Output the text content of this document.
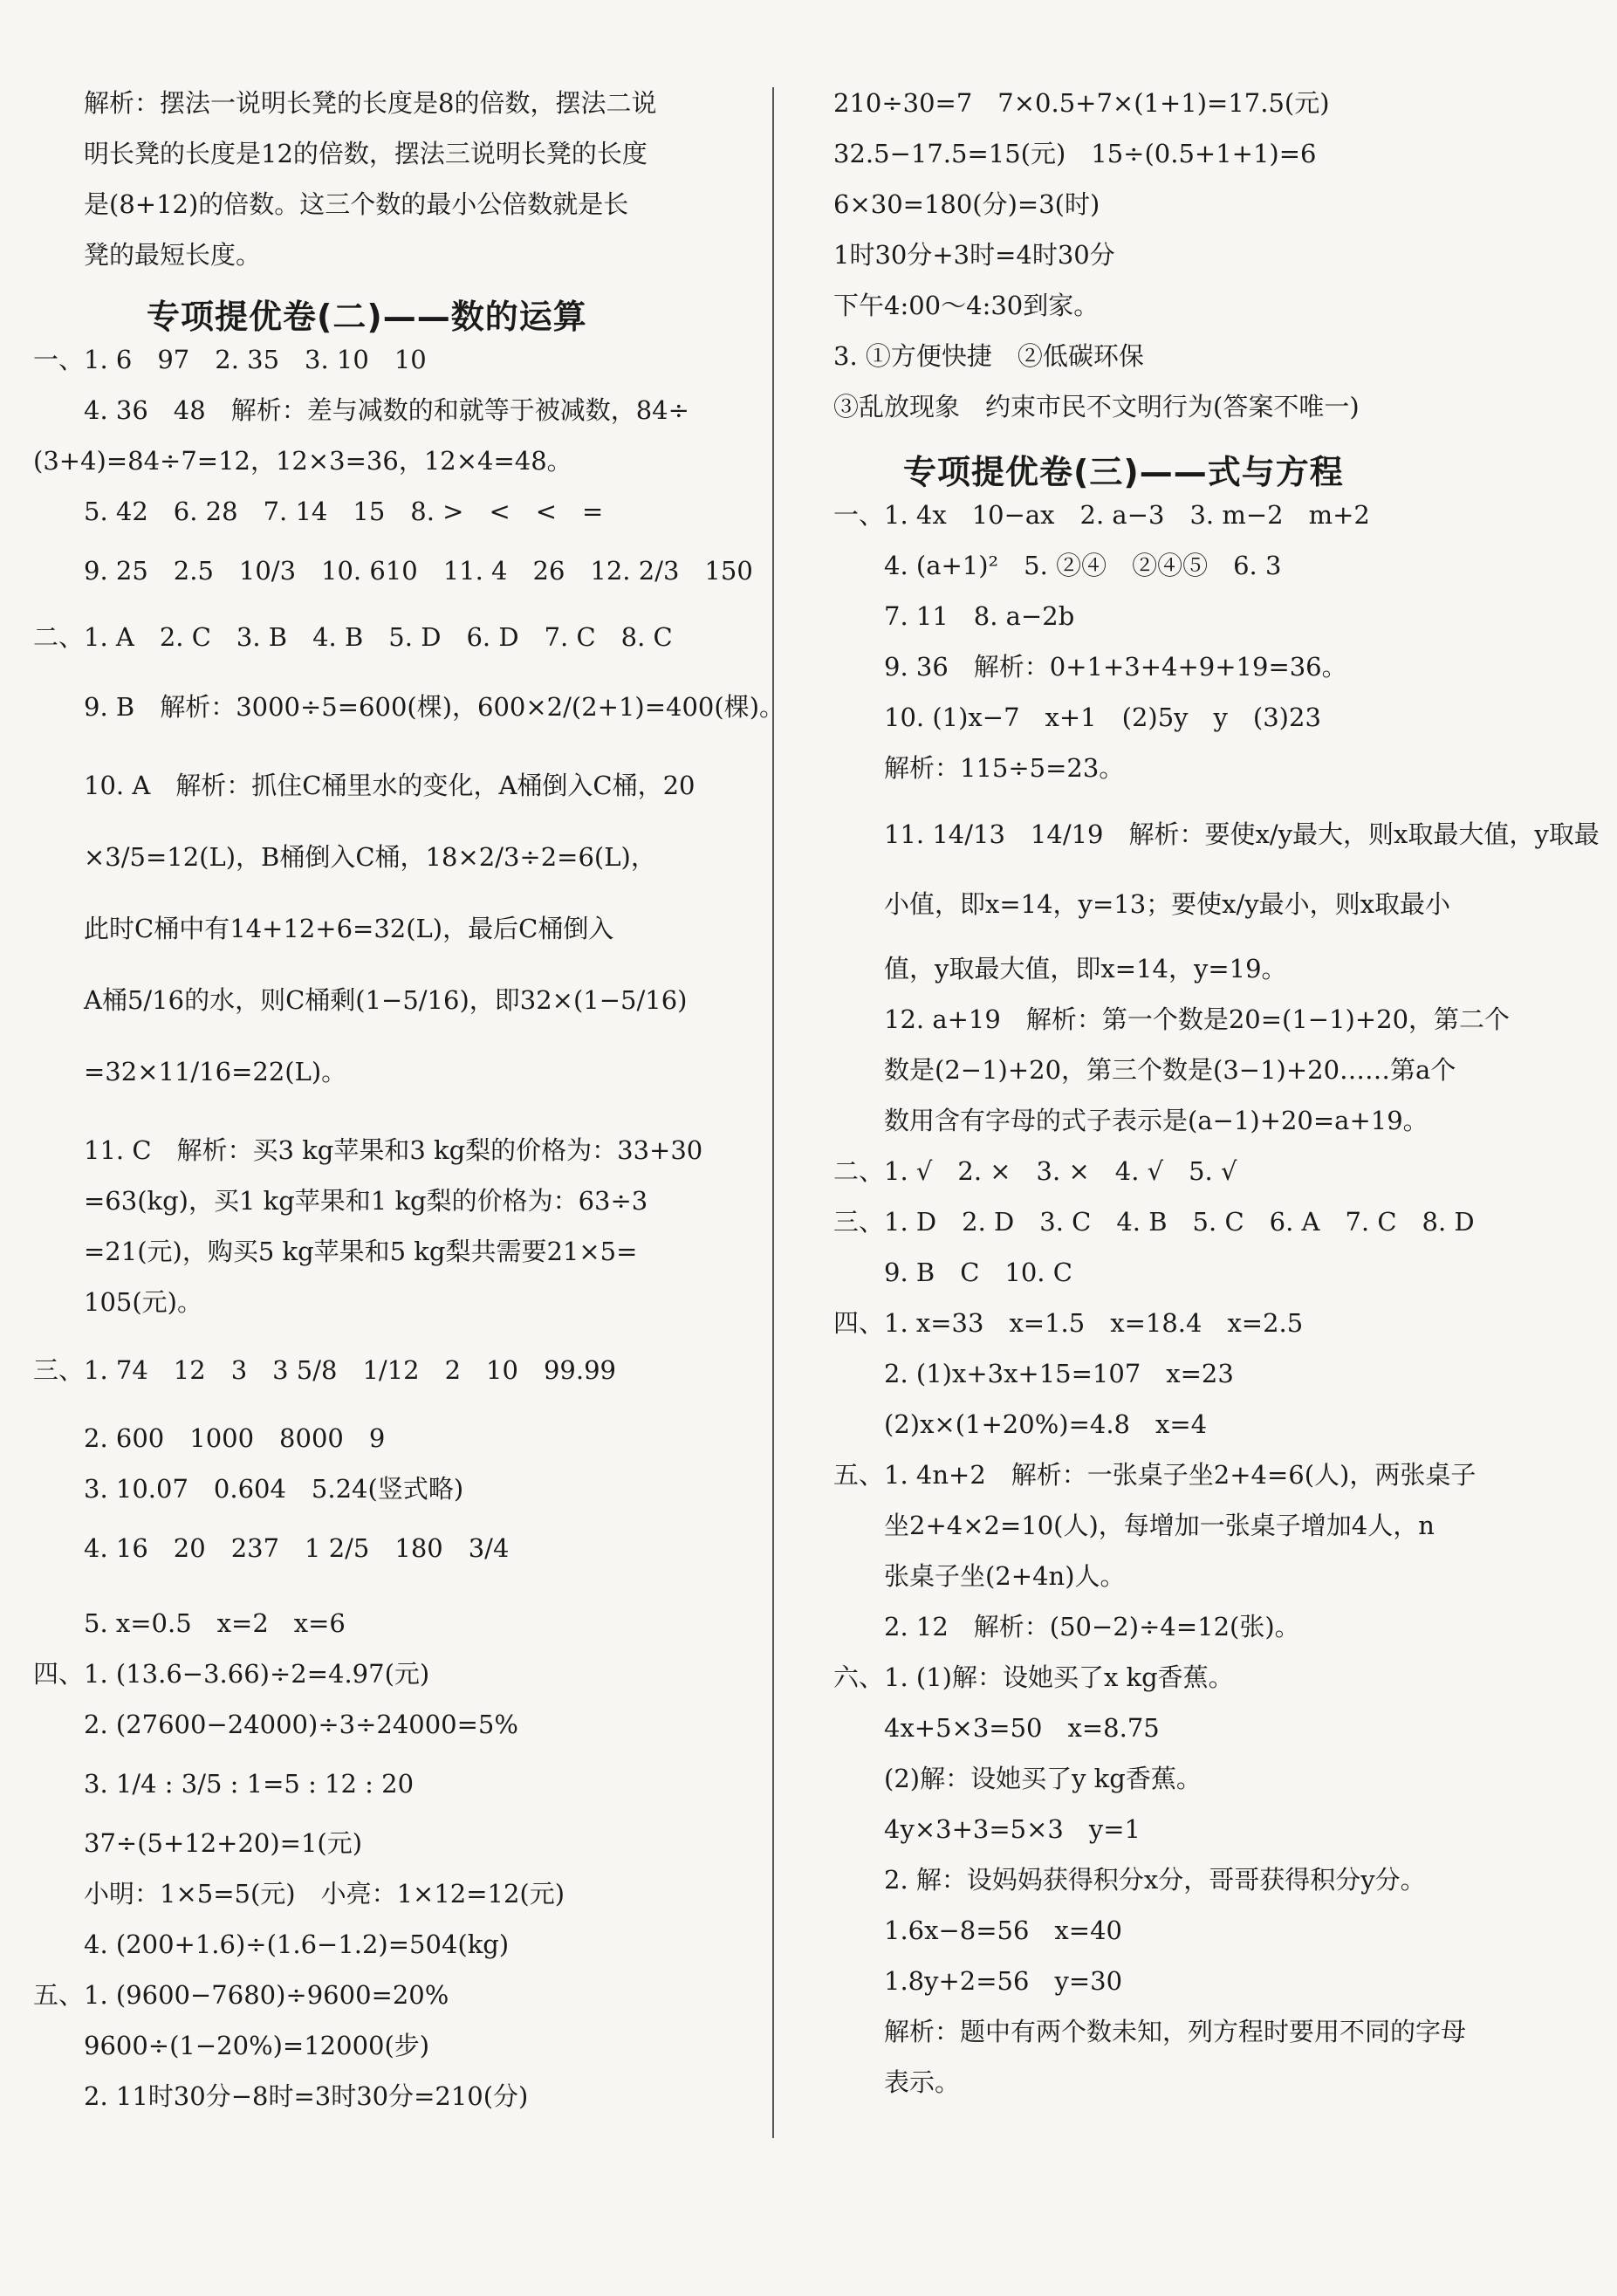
　　解析：摆法一说明长凳的长度是8的倍数，摆法二说
　　明长凳的长度是12的倍数，摆法三说明长凳的长度
　　是(8+12)的倍数。这三个数的最小公倍数就是长
　　凳的最短长度。
专项提优卷(二)——数的运算
一、1. 6　97　2. 35　3. 10　10
　　4. 36　48　解析：差与减数的和就等于被减数，84÷
(3+4)=84÷7=12，12×3=36，12×4=48。
　　5. 42　6. 28　7. 14　15　8. >　<　<　=
　　9. 25　2.5　10/3　10. 610　11. 4　26　12. 2/3　150
二、1. A　2. C　3. B　4. B　5. D　6. D　7. C　8. C
　　9. B　解析：3000÷5=600(棵)，600×2/(2+1)=400(棵)。
　　10. A　解析：抓住C桶里水的变化，A桶倒入C桶，20
　　×3/5=12(L)，B桶倒入C桶，18×2/3÷2=6(L)，
　　此时C桶中有14+12+6=32(L)，最后C桶倒入
　　A桶5/16的水，则C桶剩(1−5/16)，即32×(1−5/16)
　　=32×11/16=22(L)。
　　11. C　解析：买3 kg苹果和3 kg梨的价格为：33+30
　　=63(kg)，买1 kg苹果和1 kg梨的价格为：63÷3
　　=21(元)，购买5 kg苹果和5 kg梨共需要21×5=
　　105(元)。
三、1. 74　12　3　3 5/8　1/12　2　10　99.99
　　2. 600　1000　8000　9
　　3. 10.07　0.604　5.24(竖式略)
　　4. 16　20　237　1 2/5　180　3/4
　　5. x=0.5　x=2　x=6
四、1. (13.6−3.66)÷2=4.97(元)
　　2. (27600−24000)÷3÷24000=5%
　　3. 1/4 : 3/5 : 1=5 : 12 : 20
　　37÷(5+12+20)=1(元)
　　小明：1×5=5(元)　小亮：1×12=12(元)
　　4. (200+1.6)÷(1.6−1.2)=504(kg)
五、1. (9600−7680)÷9600=20%
　　9600÷(1−20%)=12000(步)
　　2. 11时30分−8时=3时30分=210(分)
210÷30=7　7×0.5+7×(1+1)=17.5(元)
32.5−17.5=15(元)　15÷(0.5+1+1)=6
6×30=180(分)=3(时)
1时30分+3时=4时30分
下午4:00～4:30到家。
3. ①方便快捷　②低碳环保
③乱放现象　约束市民不文明行为(答案不唯一)
专项提优卷(三)——式与方程
一、1. 4x　10−ax　2. a−3　3. m−2　m+2
　　4. (a+1)²　5. ②④　②④⑤　6. 3
　　7. 11　8. a−2b
　　9. 36　解析：0+1+3+4+9+19=36。
　　10. (1)x−7　x+1　(2)5y　y　(3)23
　　解析：115÷5=23。
　　11. 14/13　14/19　解析：要使x/y最大，则x取最大值，y取最
　　小值，即x=14，y=13；要使x/y最小，则x取最小
　　值，y取最大值，即x=14，y=19。
　　12. a+19　解析：第一个数是20=(1−1)+20，第二个
　　数是(2−1)+20，第三个数是(3−1)+20……第a个
　　数用含有字母的式子表示是(a−1)+20=a+19。
二、1. √　2. ×　3. ×　4. √　5. √
三、1. D　2. D　3. C　4. B　5. C　6. A　7. C　8. D
　　9. B　C　10. C
四、1. x=33　x=1.5　x=18.4　x=2.5
　　2. (1)x+3x+15=107　x=23
　　(2)x×(1+20%)=4.8　x=4
五、1. 4n+2　解析：一张桌子坐2+4=6(人)，两张桌子
　　坐2+4×2=10(人)，每增加一张桌子增加4人，n
　　张桌子坐(2+4n)人。
　　2. 12　解析：(50−2)÷4=12(张)。
六、1. (1)解：设她买了x kg香蕉。
　　4x+5×3=50　x=8.75
　　(2)解：设她买了y kg香蕉。
　　4y×3+3=5×3　y=1
　　2. 解：设妈妈获得积分x分，哥哥获得积分y分。
　　1.6x−8=56　x=40
　　1.8y+2=56　y=30
　　解析：题中有两个数未知，列方程时要用不同的字母
　　表示。
